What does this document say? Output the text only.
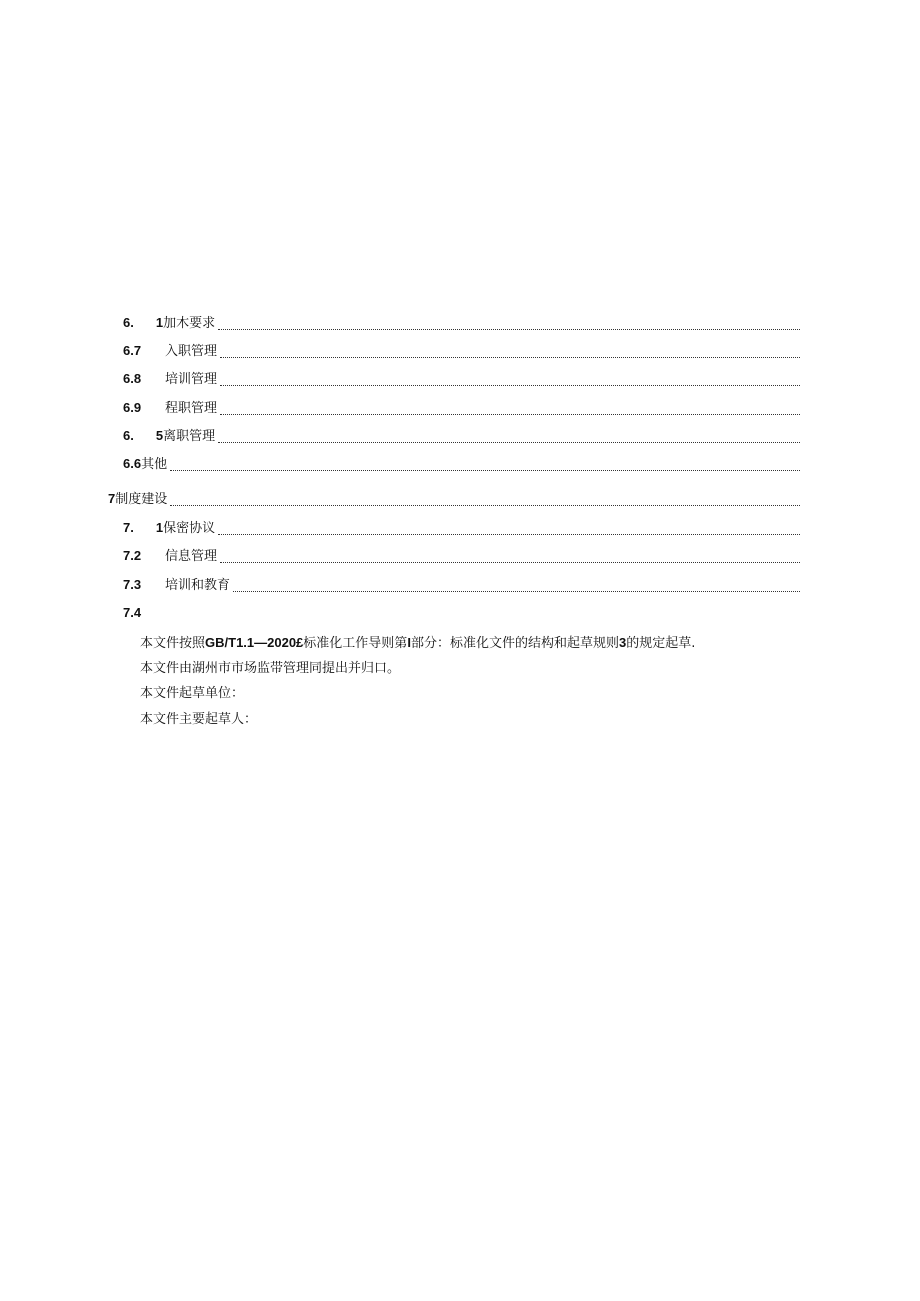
6. 1 加木要求
6.7	入职管理
6.8	培训管理
6.9	程职管理
6. 5 离职管理
6.6 其他
7 制度建设
7. 1 保密协议
7.2	信息管理
7.3	培训和教育
7.4

本文件按照GB/T1.1—2020£标准化工作导则第I部分：标准化文件的结构和起草规则3的规定起草.

本文件由湖州市市场监带管理同提出并归口。

本文件起草单位：

本文件主要起草人：
